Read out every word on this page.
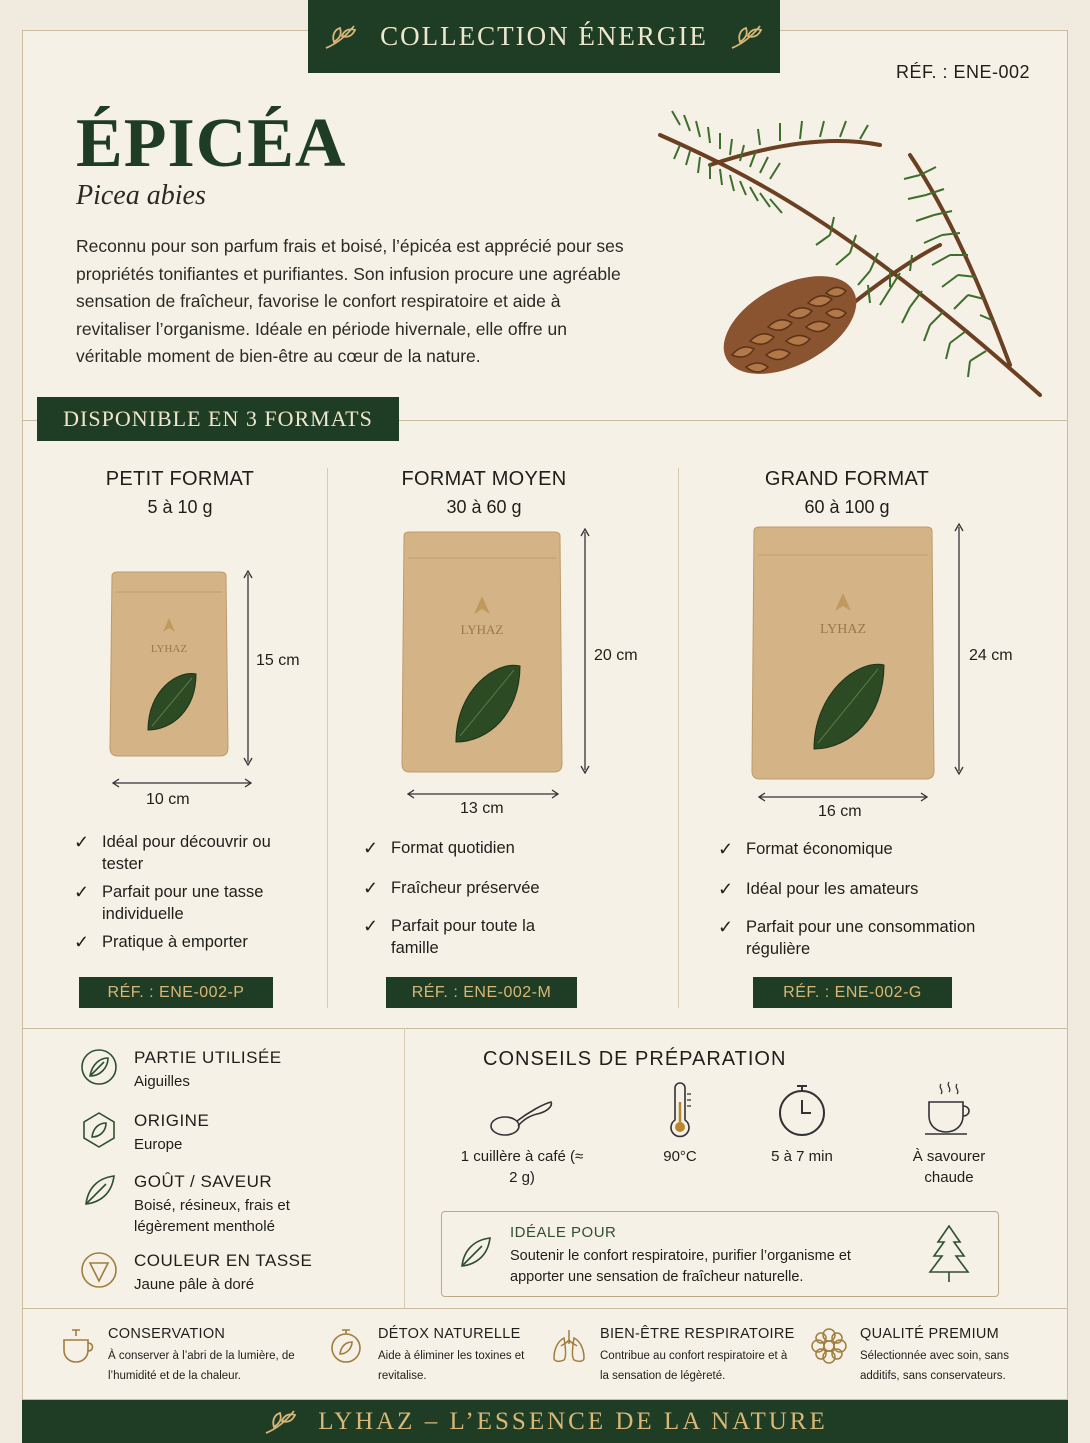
COLLECTION ÉNERGIE
RÉF. : ENE-002
ÉPICÉA
Picea abies

Reconnu pour son parfum frais et boisé, l’épicéa est apprécié pour ses propriétés tonifiantes et purifiantes. Son infusion procure une agréable sensation de fraîcheur, favorise le confort respiratoire et aide à revitaliser l’organisme. Idéale en période hivernale, elle offre un véritable moment de bien-être au cœur de la nature.

DISPONIBLE EN 3 FORMATS
PETIT FORMAT
5 à 10 g
FORMAT MOYEN
30 à 60 g
GRAND FORMAT
60 à 100 g
LYHAZ
LYHAZ	LYHAZ
15 cm
10 cm
20 cm
13 cm
24 cm
16 cm
✓ Idéal pour découvrir ou tester
✓ Parfait pour une tasse individuelle
✓ Pratique à emporter
✓ Format quotidien
✓ Fraîcheur préservée
✓ Parfait pour toute la famille
✓ Format économique
✓ Idéal pour les amateurs
✓ Parfait pour une consommation régulière
RÉF. : ENE-002-P	RÉF. : ENE-002-M	RÉF. : ENE-002-G
PARTIE UTILISÉE
Aiguilles
ORIGINE
Europe
GOÛT / SAVEUR
Boisé, résineux, frais et légèrement mentholé
COULEUR EN TASSE
Jaune pâle à doré
CONSEILS DE PRÉPARATION
1 cuillère à café (≈ 2 g)
90°C	5 à 7 min	À savourer chaude
IDÉALE POUR
Soutenir le confort respiratoire, purifier l’organisme et apporter une sensation de fraîcheur naturelle.
CONSERVATION
À conserver à l’abri de la lumière, de l’humidité et de la chaleur.
DÉTOX NATURELLE
Aide à éliminer les toxines et revitalise.
BIEN-ÊTRE RESPIRATOIRE
Contribue au confort respiratoire et à la sensation de légèreté.
QUALITÉ PREMIUM
Sélectionnée avec soin, sans additifs, sans conservateurs.
LYHAZ – L’ESSENCE DE LA NATURE
